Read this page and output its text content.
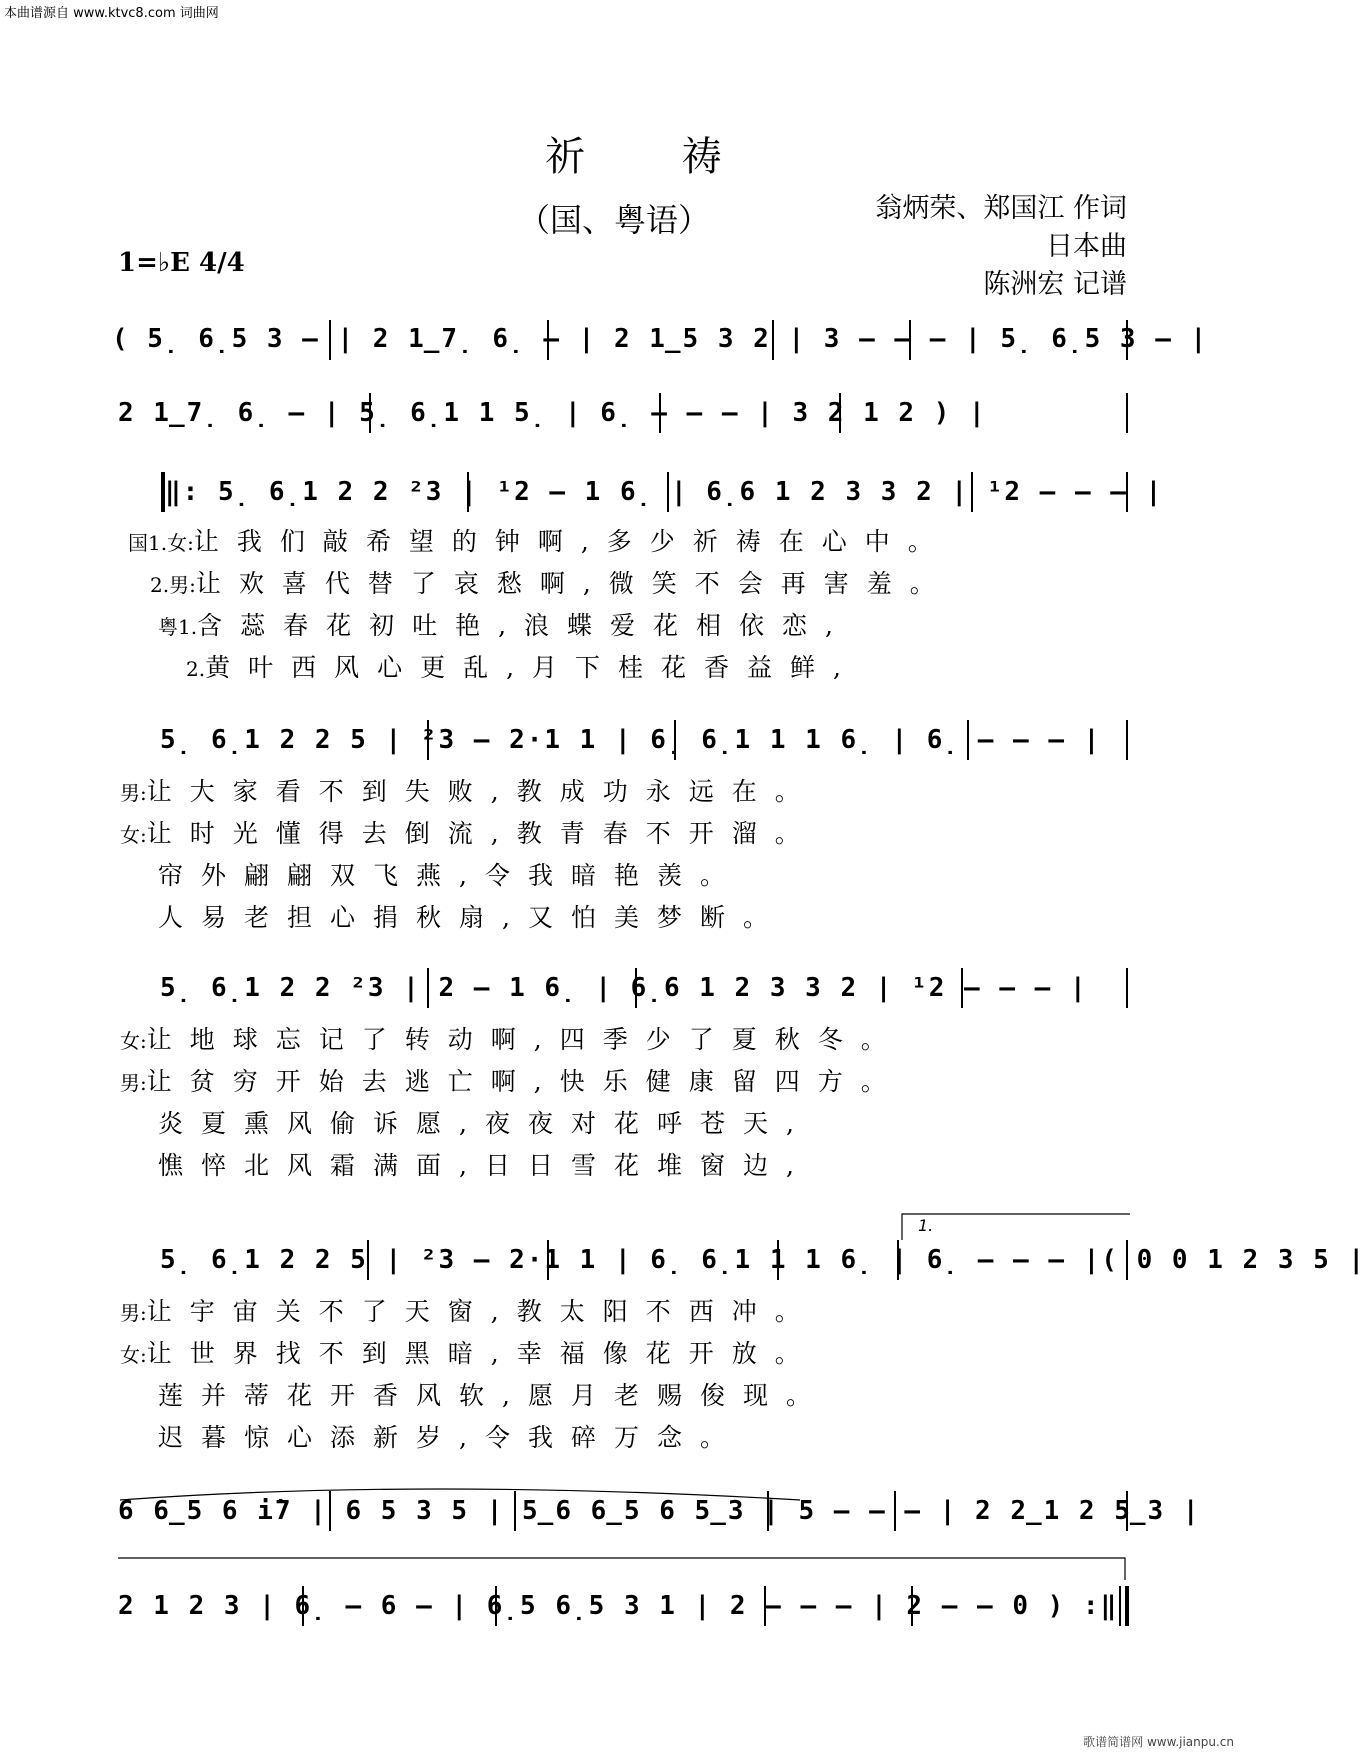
本曲谱源自 www.ktvc8.com 词曲网
祈 祷
（国、粤语）	翁炳荣、郑国江 作词
日本曲
陈洲宏 记谱
1=♭E 4/4
( 5̣ 6̣5 3 – | 2 1̲7̣ 6̣ – | 2 1̲5 3 2 | 3 – – – | 5̣ 6̣5 3 – |
2 1̲7̣ 6̣ – | 5̣ 6̣1 1 5̣ | 6̣ – – – | 3 2 1 2 ) |
‖: 5̣ 6̣1 2 2 ²3 | ¹2 – 1 6̣ | 6̣6 1 2 3 3 2 | ¹2 – – – |
国1.女:让我们敲希望的钟啊,多少祈祷在心中。
2.男:让欢喜代替了哀愁啊,微笑不会再害羞。
粤1.含蕊春花初吐艳,浪蝶爱花相依恋,
2.黄叶西风心更乱,月下桂花香益鲜,
5̣ 6̣1 2 2 5 | ²3 – 2·1 1 | 6̣ 6̣1 1 1 6̣ | 6̣ – – – |
男:让大家看不到失败,教成功永远在。
女:让时光懂得去倒流,教青春不开溜。
帘外翩翩双飞燕,令我暗艳羡。
人易老担心捐秋扇,又怕美梦断。
5̣ 6̣1 2 2 ²3 | 2 – 1 6̣ | 6̣6 1 2 3 3 2 | ¹2 – – – |
女:让地球忘记了转动啊,四季少了夏秋冬。
男:让贫穷开始去逃亡啊,快乐健康留四方。
炎夏熏风偷诉愿,夜夜对花呼苍天,
憔悴北风霜满面,日日雪花堆窗边,
1.
5̣ 6̣1 2 2 5 | ²3 – 2·1 1 | 6̣ 6̣1 1 1 6̣ | 6̣ – – – |( 0 0 1 2 3 5 |
男:让宇宙关不了天窗,教太阳不西冲。
女:让世界找不到黑暗,幸福像花开放。
莲并蒂花开香风软,愿月老赐俊现。
迟暮惊心添新岁,令我碎万念。
6 6̲5 6 i̇7 | 6 5 3 5 | 5̲6 6̲5 6 5̲3 | 5 – – – | 2 2̲1 2 5̲3 |
2 1 2 3 | 6̣ – 6 – | 6̣5 6̣5 3 1 | 2 – – – | 2 – – 0 ) :‖
歌谱简谱网 www.jianpu.cn
